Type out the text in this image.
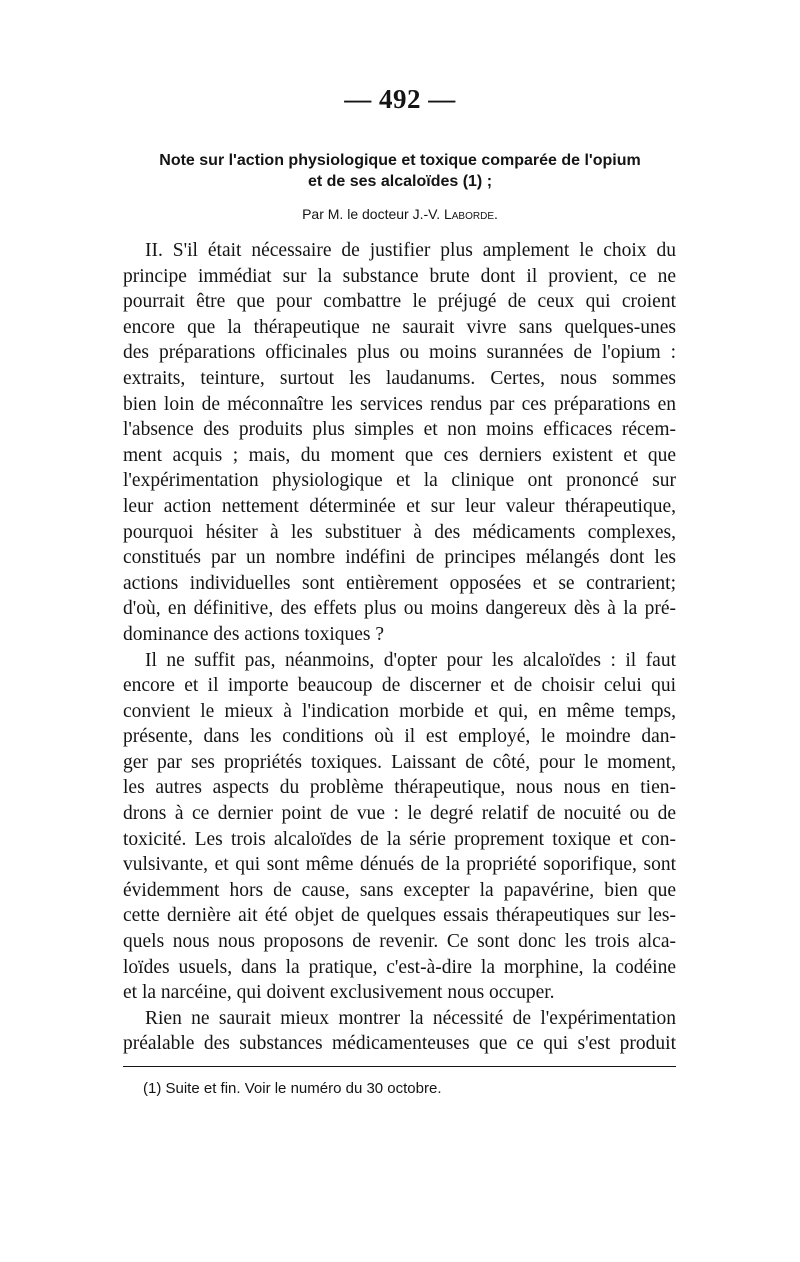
— 492 —
Note sur l'action physiologique et toxique comparée de l'opium
et de ses alcaloïdes (1) ;
Par M. le docteur J.-V. Laborde.
II. S'il était nécessaire de justifier plus amplement le choix du
principe immédiat sur la substance brute dont il provient, ce ne
pourrait être que pour combattre le préjugé de ceux qui croient
encore que la thérapeutique ne saurait vivre sans quelques-unes
des préparations officinales plus ou moins surannées de l'opium :
extraits, teinture, surtout les laudanums. Certes, nous sommes
bien loin de méconnaître les services rendus par ces préparations en
l'absence des produits plus simples et non moins efficaces récem-
ment acquis ; mais, du moment que ces derniers existent et que
l'expérimentation physiologique et la clinique ont prononcé sur
leur action nettement déterminée et sur leur valeur thérapeutique,
pourquoi hésiter à les substituer à des médicaments complexes,
constitués par un nombre indéfini de principes mélangés dont les
actions individuelles sont entièrement opposées et se contrarient;
d'où, en définitive, des effets plus ou moins dangereux dès à la pré-
dominance des actions toxiques ?
Il ne suffit pas, néanmoins, d'opter pour les alcaloïdes : il faut
encore et il importe beaucoup de discerner et de choisir celui qui
convient le mieux à l'indication morbide et qui, en même temps,
présente, dans les conditions où il est employé, le moindre dan-
ger par ses propriétés toxiques. Laissant de côté, pour le moment,
les autres aspects du problème thérapeutique, nous nous en tien-
drons à ce dernier point de vue : le degré relatif de nocuité ou de
toxicité. Les trois alcaloïdes de la série proprement toxique et con-
vulsivante, et qui sont même dénués de la propriété soporifique, sont
évidemment hors de cause, sans excepter la papavérine, bien que
cette dernière ait été objet de quelques essais thérapeutiques sur les-
quels nous nous proposons de revenir. Ce sont donc les trois alca-
loïdes usuels, dans la pratique, c'est-à-dire la morphine, la codéine
et la narcéine, qui doivent exclusivement nous occuper.
Rien ne saurait mieux montrer la nécessité de l'expérimentation
préalable des substances médicamenteuses que ce qui s'est produit
(1) Suite et fin. Voir le numéro du 30 octobre.
